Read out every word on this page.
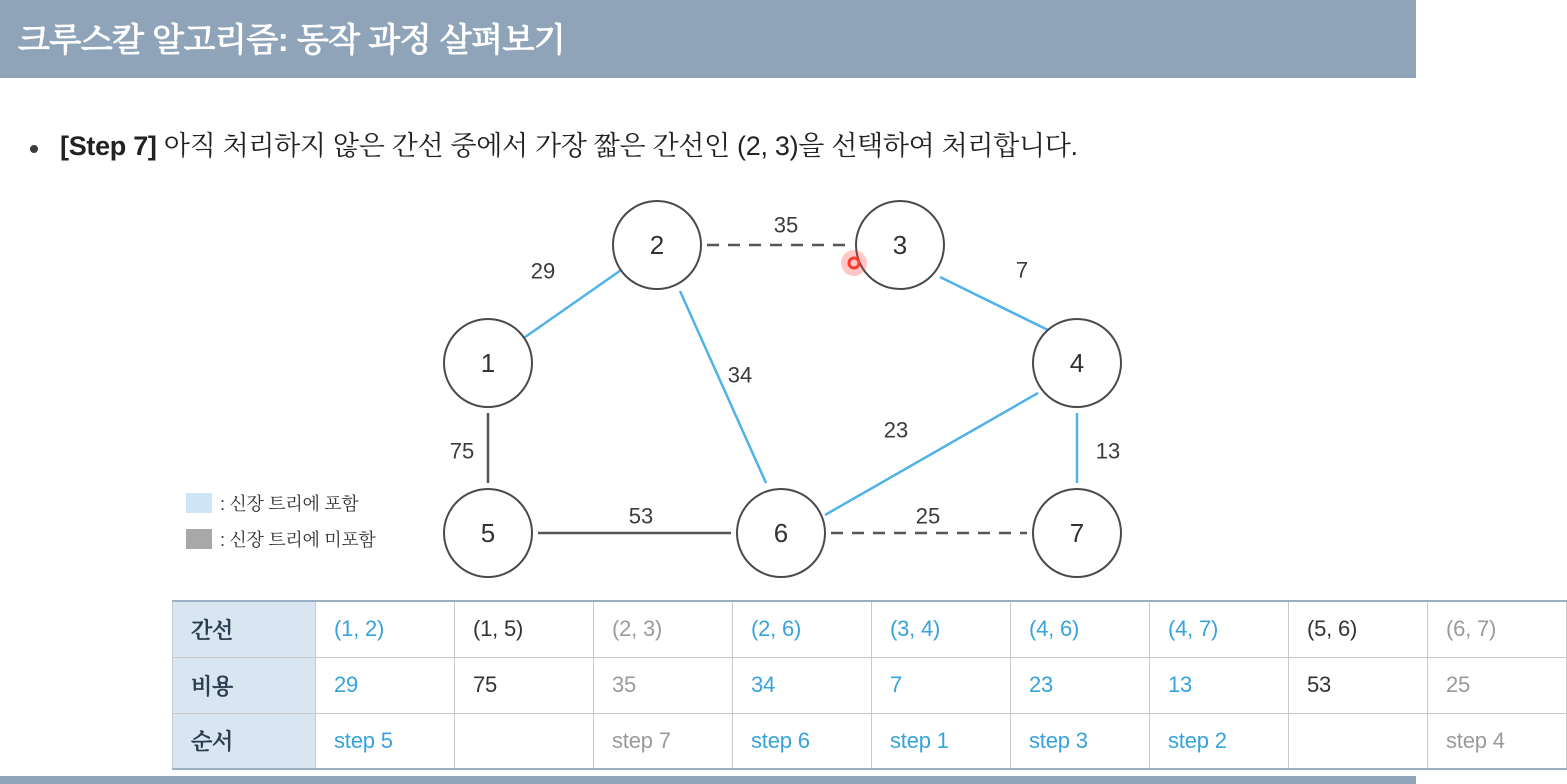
크루스칼 알고리즘: 동작 과정 살펴보기
[Step 7] 아직 처리하지 않은 간선 중에서 가장 짧은 간선인 (2, 3)을 선택하여 처리합니다.
1
2	3
4
5	6	7
29
35
7
75
34
23
13
53	25
: 신장 트리에 포함
: 신장 트리에 미포함
간선	(1, 2)	(1, 5)	(2, 3)	(2, 6)	(3, 4)	(4, 6)	(4, 7)	(5, 6)	(6, 7)
비용	29	75	35	34	7	23	13	53	25
순서	step 5		step 7	step 6	step 1	step 3	step 2		step 4
